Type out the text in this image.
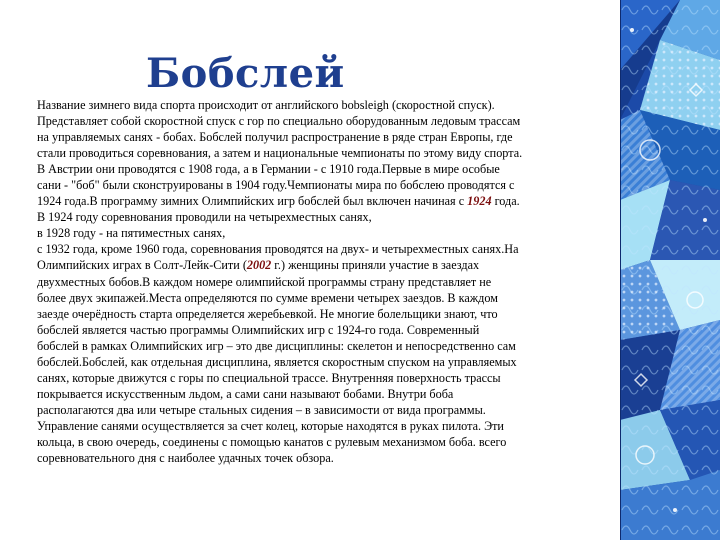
Бобслей
Название зимнего вида спорта происходит от английского bobsleigh (скоростной спуск).
Представляет собой скоростной спуск с гор по специально оборудованным ледовым трассам
на управляемых санях - бобах. Бобслей получил распространение в ряде стран Европы, где
стали проводиться соревнования, а затем и национальные чемпионаты по этому виду спорта.
В Австрии они проводятся с 1908 года, а в Германии - с 1910 года.Первые в мире особые
сани - "боб" были сконструированы в 1904 году.Чемпионаты мира по бобслею проводятся с
1924 года.В программу зимних Олимпийских игр бобслей был включен начиная с 1924 года.
В 1924 году соревнования проводили на четырехместных санях,
в 1928 году - на пятиместных санях,
с 1932 года, кроме 1960 года, соревнования проводятся на двух- и четырехместных санях.На
Олимпийских играх в Солт-Лейк-Сити (2002 г.) женщины приняли участие в заездах
двухместных бобов.В каждом номере олимпийской программы страну представляет не
более двух экипажей.Места определяются по сумме времени четырех заездов. В каждом
заезде очерёдность старта определяется жеребьевкой. Не многие болельщики знают, что
бобслей является частью программы Олимпийских игр с 1924-го года. Современный
бобслей в рамках Олимпийских игр – это две дисциплины: скелетон и непосредственно сам
бобслей.Бобслей, как отдельная дисциплина, является скоростным спуском на управляемых
санях, которые движутся с горы по специальной трассе. Внутренняя поверхность трассы
покрывается искусственным льдом, а сами сани называют бобами. Внутри боба
располагаются два или четыре стальных сидения – в зависимости от вида программы.
Управление санями осуществляется за счет колец, которые находятся в руках пилота. Эти
кольца, в свою очередь, соединены с помощью канатов с рулевым механизмом боба. всего
соревновательного дня с наиболее удачных точек обзора.
